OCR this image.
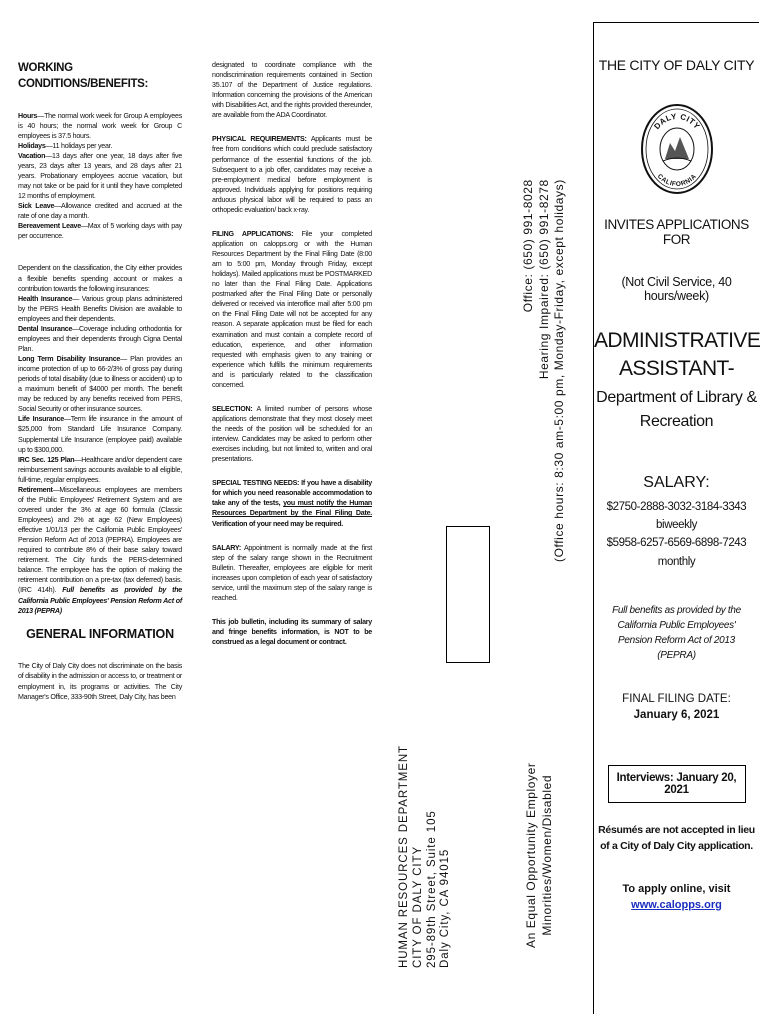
WORKING CONDITIONS/BENEFITS:

Hours—The normal work week for Group A employees is 40 hours; the normal work week for Group C employees is 37.5 hours.

Holidays—11 holidays per year.

Vacation—13 days after one year, 18 days after five years, 23 days after 13 years, and 28 days after 21 years. Probationary employees accrue vacation, but may not take or be paid for it until they have completed 12 months of employment.

Sick Leave—Allowance credited and accrued at the rate of one day a month.

Bereavement Leave—Max of 5 working days with pay per occurrence.

Dependent on the classification, the City either provides a flexible benefits spending account or makes a contribution towards the following insurances:

Health Insurance— Various group plans administered by the PERS Health Benefits Division are available to employees and their dependents.

Dental Insurance—Coverage including orthodontia for employees and their dependents through Cigna Dental Plan.

Long Term Disability Insurance— Plan provides an income protection of up to 66-2/3% of gross pay during periods of total disability (due to illness or accident) up to a maximum benefit of $4000 per month. The benefit may be reduced by any benefits received from PERS, Social Security or other insurance sources.

Life Insurance—Term life insurance in the amount of $25,000 from Standard Life Insurance Company. Supplemental Life Insurance (employee paid) available up to $300,000.

IRC Sec. 125 Plan—Healthcare and/or dependent care reimbursement savings accounts available to all eligible, full-time, regular employees.

Retirement—Miscellaneous employees are members of the Public Employees' Retirement System and are covered under the 3% at age 60 formula (Classic Employees) and 2% at age 62 (New Employees) effective 1/01/13 per the California Public Employees' Pension Reform Act of 2013 (PEPRA). Employees are required to contribute 8% of their base salary toward retirement. The City funds the PERS-determined balance. The employee has the option of making the retirement contribution on a pre-tax (tax deferred) basis. (IRC 414h). Full benefits as provided by the California Public Employees' Pension Reform Act of 2013 (PEPRA)

GENERAL INFORMATION

The City of Daly City does not discriminate on the basis of disability in the admission or access to, or treatment or employment in, its programs or activities. The City Manager's Office, 333-90th Street, Daly City, has been

designated to coordinate compliance with the nondiscrimination requirements contained in Section 35.107 of the Department of Justice regulations. Information concerning the provisions of the American with Disabilities Act, and the rights provided thereunder, are available from the ADA Coordinator.

PHYSICAL REQUIREMENTS: Applicants must be free from conditions which could preclude satisfactory performance of the essential functions of the job. Subsequent to a job offer, candidates may receive a pre-employment medical before employment is approved. Individuals applying for positions requiring arduous physical labor will be required to pass an orthopedic evaluation/ back x-ray.

FILING APPLICATIONS: File your completed application on calopps.org or with the Human Resources Department by the Final Filing Date (8:00 am to 5:00 pm, Monday through Friday, except holidays). Mailed applications must be POSTMARKED no later than the Final Filing Date. Applications postmarked after the Final Filing Date or personally delivered or received via interoffice mail after 5:00 pm on the Final Filing Date will not be accepted for any reason. A separate application must be filed for each examination and must contain a complete record of education, experience, and other information requested with emphasis given to any training or experience which fulfills the minimum requirements and is particularly related to the classification concerned.

SELECTION: A limited number of persons whose applications demonstrate that they most closely meet the needs of the position will be scheduled for an interview. Candidates may be asked to perform other exercises including, but not limited to, written and oral presentations.

SPECIAL TESTING NEEDS: If you have a disability for which you need reasonable accommodation to take any of the tests, you must notify the Human Resources Department by the Final Filing Date. Verification of your need may be required.

SALARY: Appointment is normally made at the first step of the salary range shown in the Recruitment Bulletin. Thereafter, employees are eligible for merit increases upon completion of each year of satisfactory service, until the maximum step of the salary range is reached.

This job bulletin, including its summary of salary and fringe benefits information, is NOT to be construed as a legal document or contract.

Office: (650) 991-8028 Hearing Impaired: (650) 991-8278 (Office hours: 8:30 am-5:00 pm, Monday-Friday, except holidays)
An Equal Opportunity Employer Minorities/Women/Disabled
HUMAN RESOURCES DEPARTMENT CITY OF DALY CITY 295-89th Street, Suite 105 Daly City, CA 94015
THE CITY OF DALY CITY
DALY CITY
CALIFORNIA
INVITES APPLICATIONS FOR
(Not Civil Service, 40 hours/week)
ADMINISTRATIVE
ASSISTANT-
Department of Library &
Recreation
SALARY:
$2750-2888-3032-3184-3343 biweekly
$5958-6257-6569-6898-7243 monthly
Full benefits as provided by the California Public Employees' Pension Reform Act of 2013 (PEPRA)
FINAL FILING DATE:
January 6, 2021
Interviews: January 20, 2021
Résumés are not accepted in lieu of a City of Daly City application.
To apply online, visit
www.calopps.org
